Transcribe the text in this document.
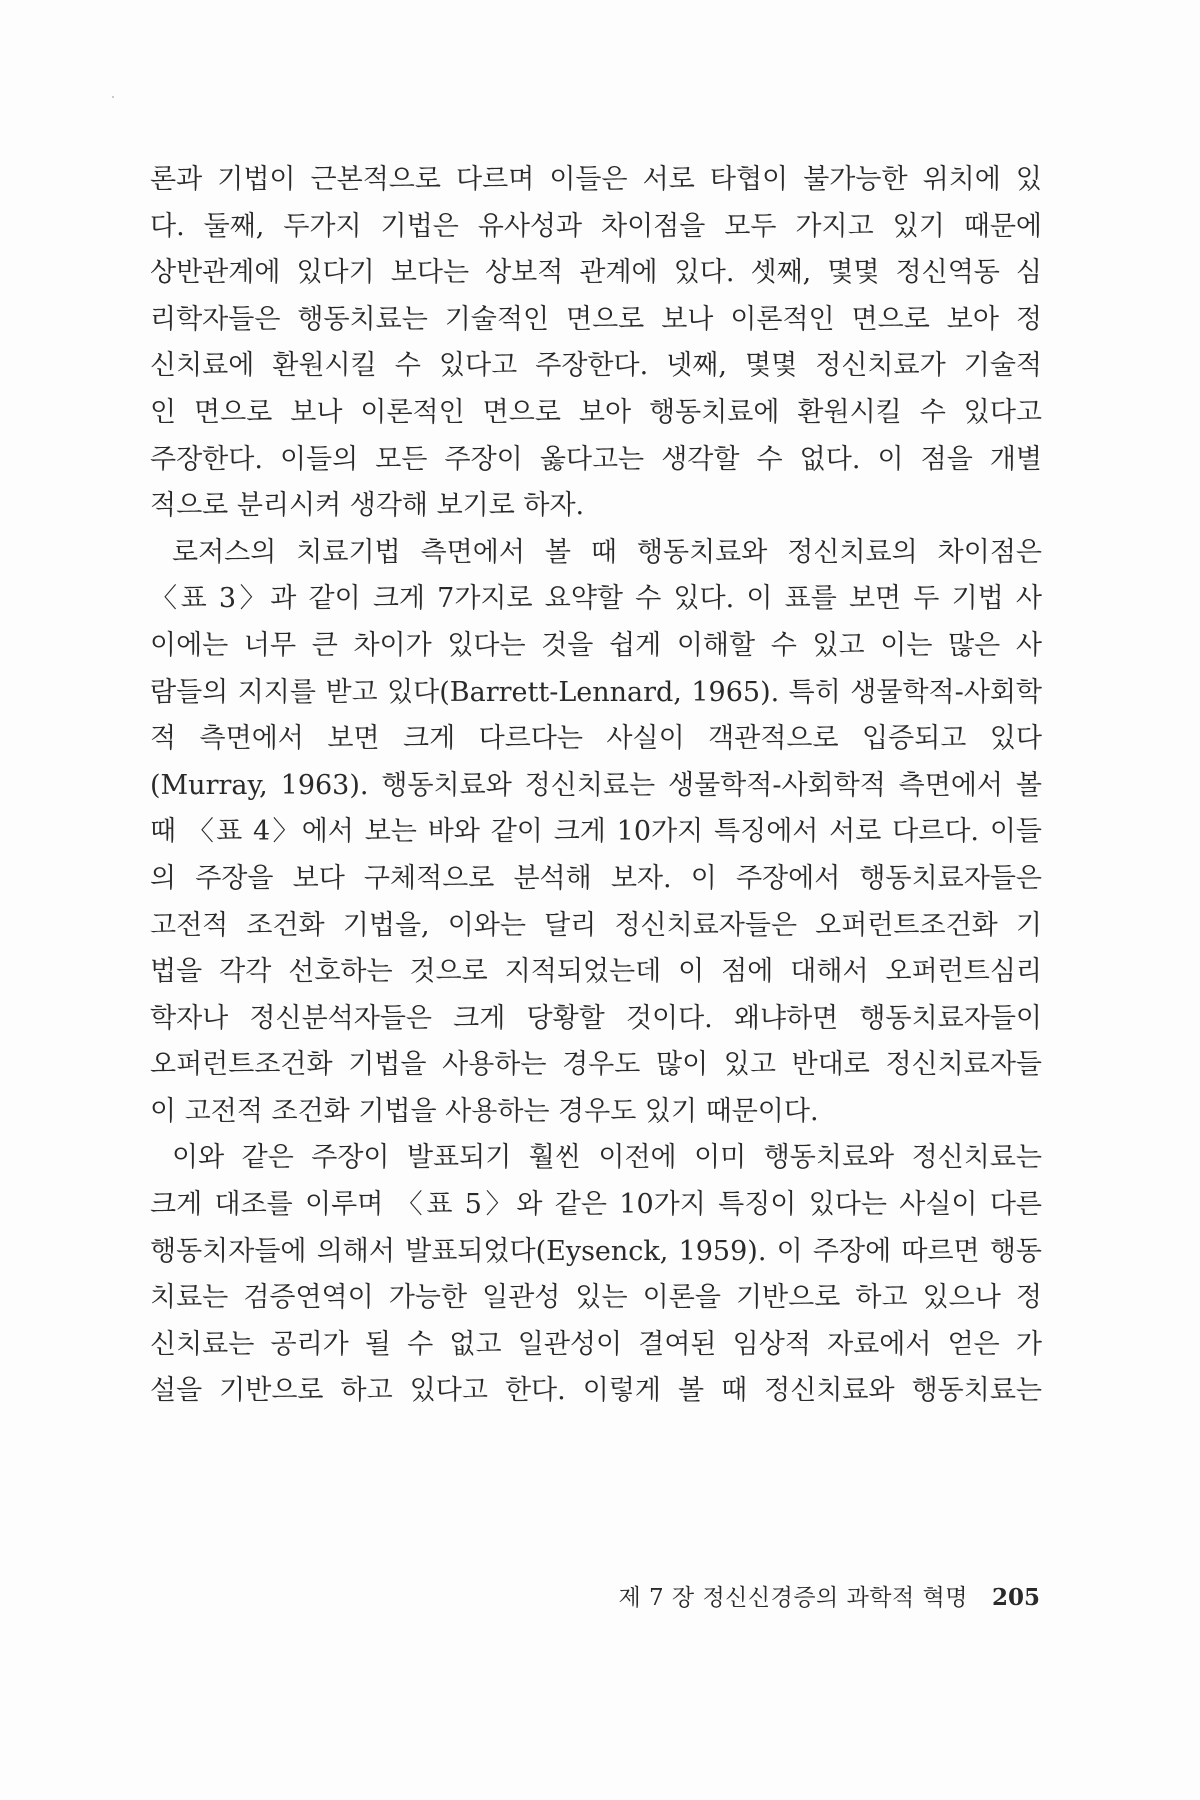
론과 기법이 근본적으로 다르며 이들은 서로 타협이 불가능한 위치에 있
다. 둘째, 두가지 기법은 유사성과 차이점을 모두 가지고 있기 때문에
상반관계에 있다기 보다는 상보적 관계에 있다. 셋째, 몇몇 정신역동 심
리학자들은 행동치료는 기술적인 면으로 보나 이론적인 면으로 보아 정
신치료에 환원시킬 수 있다고 주장한다. 넷째, 몇몇 정신치료가 기술적
인 면으로 보나 이론적인 면으로 보아 행동치료에 환원시킬 수 있다고
주장한다. 이들의 모든 주장이 옳다고는 생각할 수 없다. 이 점을 개별
적으로 분리시켜 생각해 보기로 하자.
로저스의 치료기법 측면에서 볼 때 행동치료와 정신치료의 차이점은
〈표 3〉과 같이 크게 7가지로 요약할 수 있다. 이 표를 보면 두 기법 사
이에는 너무 큰 차이가 있다는 것을 쉽게 이해할 수 있고 이는 많은 사
람들의 지지를 받고 있다(Barrett-Lennard, 1965). 특히 생물학적-사회학
적 측면에서 보면 크게 다르다는 사실이 객관적으로 입증되고 있다
(Murray, 1963). 행동치료와 정신치료는 생물학적-사회학적 측면에서 볼
때 〈표 4〉에서 보는 바와 같이 크게 10가지 특징에서 서로 다르다. 이들
의 주장을 보다 구체적으로 분석해 보자. 이 주장에서 행동치료자들은
고전적 조건화 기법을, 이와는 달리 정신치료자들은 오퍼런트조건화 기
법을 각각 선호하는 것으로 지적되었는데 이 점에 대해서 오퍼런트심리
학자나 정신분석자들은 크게 당황할 것이다. 왜냐하면 행동치료자들이
오퍼런트조건화 기법을 사용하는 경우도 많이 있고 반대로 정신치료자들
이 고전적 조건화 기법을 사용하는 경우도 있기 때문이다.
이와 같은 주장이 발표되기 훨씬 이전에 이미 행동치료와 정신치료는
크게 대조를 이루며 〈표 5〉와 같은 10가지 특징이 있다는 사실이 다른
행동치자들에 의해서 발표되었다(Eysenck, 1959). 이 주장에 따르면 행동
치료는 검증연역이 가능한 일관성 있는 이론을 기반으로 하고 있으나 정
신치료는 공리가 될 수 없고 일관성이 결여된 임상적 자료에서 얻은 가
설을 기반으로 하고 있다고 한다. 이렇게 볼 때 정신치료와 행동치료는
제 7 장 정신신경증의 과학적 혁명 205
